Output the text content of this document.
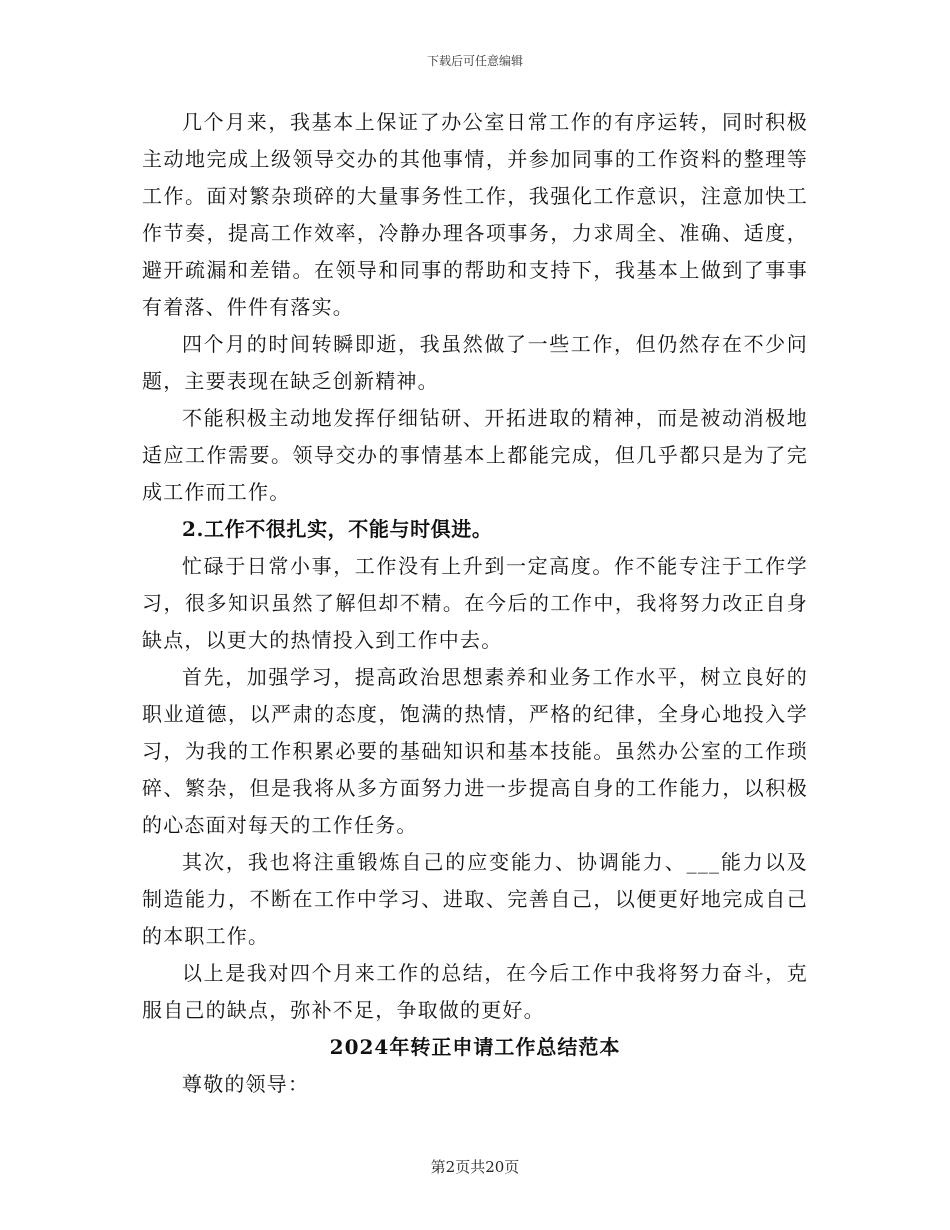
下载后可任意编辑

几个月来，我基本上保证了办公室日常工作的有序运转，同时积极主动地完成上级领导交办的其他事情，并参加同事的工作资料的整理等工作。面对繁杂琐碎的大量事务性工作，我强化工作意识，注意加快工作节奏，提高工作效率，冷静办理各项事务，力求周全、准确、适度，避开疏漏和差错。在领导和同事的帮助和支持下，我基本上做到了事事有着落、件件有落实。

四个月的时间转瞬即逝，我虽然做了一些工作，但仍然存在不少问题，主要表现在缺乏创新精神。

不能积极主动地发挥仔细钻研、开拓进取的精神，而是被动消极地适应工作需要。领导交办的事情基本上都能完成，但几乎都只是为了完成工作而工作。

2.工作不很扎实，不能与时俱进。

忙碌于日常小事，工作没有上升到一定高度。作不能专注于工作学习，很多知识虽然了解但却不精。在今后的工作中，我将努力改正自身缺点，以更大的热情投入到工作中去。

首先，加强学习，提高政治思想素养和业务工作水平，树立良好的职业道德，以严肃的态度，饱满的热情，严格的纪律，全身心地投入学习，为我的工作积累必要的基础知识和基本技能。虽然办公室的工作琐碎、繁杂，但是我将从多方面努力进一步提高自身的工作能力，以积极的心态面对每天的工作任务。

其次，我也将注重锻炼自己的应变能力、协调能力、___能力以及制造能力，不断在工作中学习、进取、完善自己，以便更好地完成自己的本职工作。

以上是我对四个月来工作的总结，在今后工作中我将努力奋斗，克服自己的缺点，弥补不足，争取做的更好。

2024年转正申请工作总结范本

尊敬的领导：

第2页共20页
